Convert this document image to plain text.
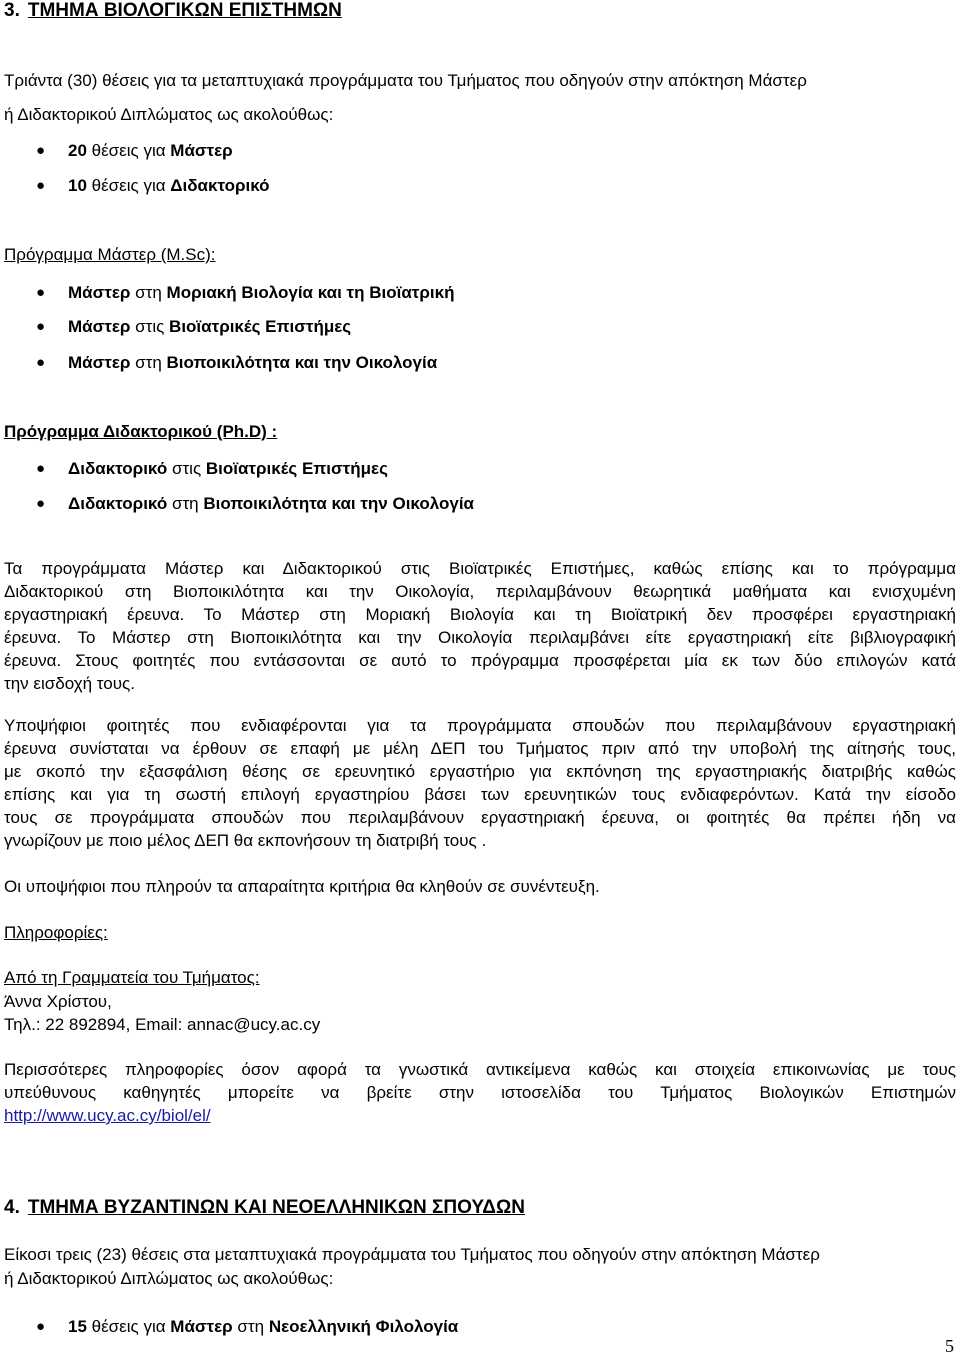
3. ΤΜΗΜΑ ΒΙΟΛΟΓΙΚΩΝ ΕΠΙΣΤΗΜΩΝ
Τριάντα (30) θέσεις για τα μεταπτυχιακά προγράμματα του Τμήματος που οδηγούν στην απόκτηση Μάστερ
ή Διδακτορικού Διπλώματος ως ακολούθως:
● 20 θέσεις για Μάστερ
● 10 θέσεις για Διδακτορικό
Πρόγραμμα Μάστερ (M.Sc):
● Μάστερ στη Μοριακή Βιολογία και τη Βιοϊατρική
● Μάστερ στις Βιοϊατρικές Επιστήμες
● Μάστερ στη Βιοποικιλότητα και την Οικολογία
Πρόγραμμα Διδακτορικού (Ph.D) :
● Διδακτορικό στις Βιοϊατρικές Επιστήμες
● Διδακτορικό στη Βιοποικιλότητα και την Οικολογία
Τα προγράμματα Μάστερ και Διδακτορικού στις Βιοϊατρικές Επιστήμες, καθώς επίσης και το πρόγραμμα
Διδακτορικού στη Βιοποικιλότητα και την Οικολογία, περιλαμβάνουν θεωρητικά μαθήματα και ενισχυμένη
εργαστηριακή έρευνα. Το Μάστερ στη Μοριακή Βιολογία και τη Βιοϊατρική δεν προσφέρει εργαστηριακή
έρευνα. Το Μάστερ στη Βιοποικιλότητα και την Οικολογία περιλαμβάνει είτε εργαστηριακή είτε βιβλιογραφική
έρευνα. Στους φοιτητές που εντάσσονται σε αυτό το πρόγραμμα προσφέρεται μία εκ των δύο επιλογών κατά
την εισδοχή τους.
Υποψήφιοι φοιτητές που ενδιαφέρονται για τα προγράμματα σπουδών που περιλαμβάνουν εργαστηριακή
έρευνα συνίσταται να έρθουν σε επαφή με μέλη ΔΕΠ του Τμήματος πριν από την υποβολή της αίτησής τους,
με σκοπό την εξασφάλιση θέσης σε ερευνητικό εργαστήριο για εκπόνηση της εργαστηριακής διατριβής καθώς
επίσης και για τη σωστή επιλογή εργαστηρίου βάσει των ερευνητικών τους ενδιαφερόντων. Κατά την είσοδο
τους σε προγράμματα σπουδών που περιλαμβάνουν εργαστηριακή έρευνα, οι φοιτητές θα πρέπει ήδη να
γνωρίζουν με ποιο μέλος ΔΕΠ θα εκπονήσουν τη διατριβή τους .
Οι υποψήφιοι που πληρούν τα απαραίτητα κριτήρια θα κληθούν σε συνέντευξη.
Πληροφορίες:
Από τη Γραμματεία του Τμήματος:
Άννα Χρίστου,
Τηλ.: 22 892894, Email: annac@ucy.ac.cy
Περισσότερες πληροφορίες όσον αφορά τα γνωστικά αντικείμενα καθώς και στοιχεία επικοινωνίας με τους
υπεύθυνους καθηγητές μπορείτε να βρείτε στην ιστοσελίδα του Τμήματος Βιολογικών Επιστημών
http://www.ucy.ac.cy/biol/el/
4. ΤΜΗΜΑ ΒΥΖΑΝΤΙΝΩΝ ΚΑΙ ΝΕΟΕΛΛΗΝΙΚΩΝ ΣΠΟΥΔΩΝ
Είκοσι τρεις (23) θέσεις στα μεταπτυχιακά προγράμματα του Τμήματος που οδηγούν στην απόκτηση Μάστερ
ή Διδακτορικού Διπλώματος ως ακολούθως:
● 15 θέσεις για Μάστερ στη Νεοελληνική Φιλολογία
5
